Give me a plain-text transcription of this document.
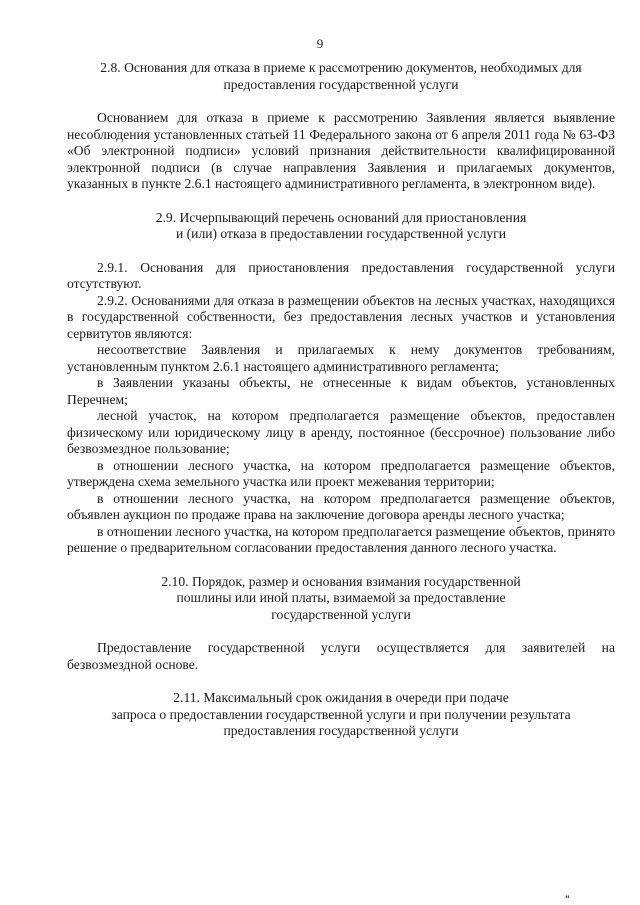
9
2.8. Основания для отказа в приеме к рассмотрению документов, необходимых для
предоставления государственной услуги

Основанием для отказа в приеме к рассмотрению Заявления является выявление несоблюдения установленных статьей 11 Федерального закона от 6 апреля 2011 года № 63-ФЗ «Об электронной подписи» условий признания действительности квалифицированной электронной подписи (в случае направления Заявления и прилагаемых документов, указанных в пункте 2.6.1 настоящего административного регламента, в электронном виде).

2.9. Исчерпывающий перечень оснований для приостановления
и (или) отказа в предоставлении государственной услуги

2.9.1. Основания для приостановления предоставления государственной услуги отсутствуют.

2.9.2. Основаниями для отказа в размещении объектов на лесных участках, находящихся в государственной собственности, без предоставления лесных участков и установления сервитутов являются:

несоответствие Заявления и прилагаемых к нему документов требованиям, установленным пунктом 2.6.1 настоящего административного регламента;

в Заявлении указаны объекты, не отнесенные к видам объектов, установленных Перечнем;

лесной участок, на котором предполагается размещение объектов, предоставлен физическому или юридическому лицу в аренду, постоянное (бессрочное) пользование либо безвозмездное пользование;

в отношении лесного участка, на котором предполагается размещение объектов, утверждена схема земельного участка или проект межевания территории;

в отношении лесного участка, на котором предполагается размещение объектов, объявлен аукцион по продаже права на заключение договора аренды лесного участка;

в отношении лесного участка, на котором предполагается размещение объектов, принято решение о предварительном согласовании предоставления данного лесного участка.

2.10. Порядок, размер и основания взимания государственной
пошлины или иной платы, взимаемой за предоставление
государственной услуги

Предоставление государственной услуги осуществляется для заявителей на безвозмездной основе.

2.11. Максимальный срок ожидания в очереди при подаче
запроса о предоставлении государственной услуги и при получении результата
предоставления государственной услуги
"
